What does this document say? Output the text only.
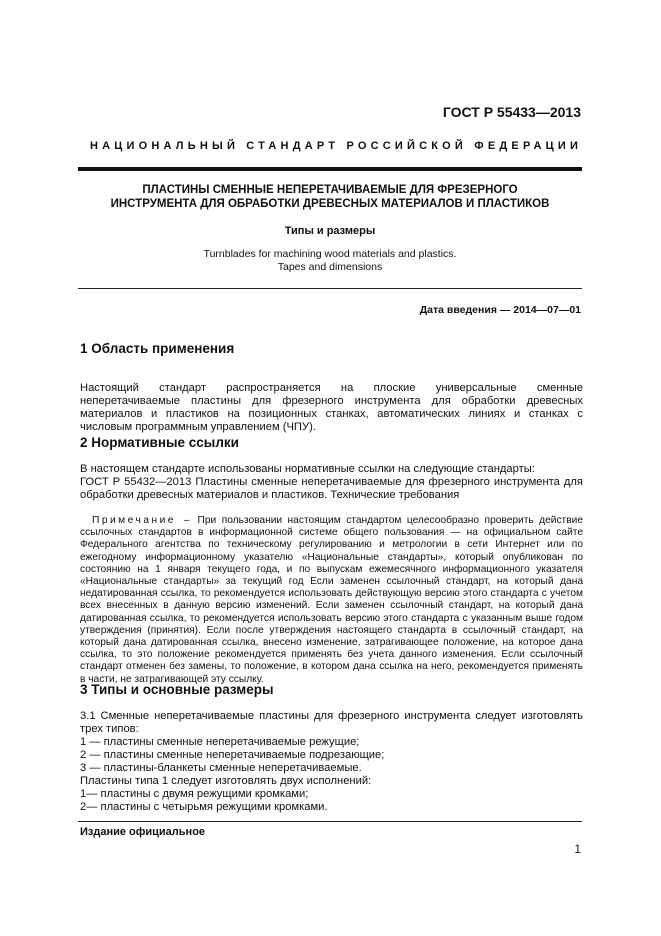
ГОСТ Р 55433—2013
НАЦИОНАЛЬНЫЙ СТАНДАРТ РОССИЙСКОЙ ФЕДЕРАЦИИ
ПЛАСТИНЫ СМЕННЫЕ НЕПЕРЕТАЧИВАЕМЫЕ ДЛЯ ФРЕЗЕРНОГО
ИНСТРУМЕНТА ДЛЯ ОБРАБОТКИ ДРЕВЕСНЫХ МАТЕРИАЛОВ И ПЛАСТИКОВ
Типы и размеры
Turnblades for machining wood materials and plastics.
Tapes and dimensions
Дата введения — 2014—07—01
1 Область применения
Настоящий стандарт распространяется на плоские универсальные сменные неперетачиваемые пластины для фрезерного инструмента для обработки древесных материалов и пластиков на позиционных станках, автоматических линиях и станках с числовым программным управлением (ЧПУ).
2 Нормативные ссылки
В настоящем стандарте использованы нормативные ссылки на следующие стандарты:
ГОСТ Р 55432—2013 Пластины сменные неперетачиваемые для фрезерного инструмента для обработки древесных материалов и пластиков. Технические требования
Примечание – При пользовании настоящим стандартом целесообразно проверить действие ссылочных стандартов в информационной системе общего пользования — на официальном сайте Федерального агентства по техническому регулированию и метрологии в сети Интернет или по ежегодному информационному указателю «Национальные стандарты», который опубликован по состоянию на 1 января текущего года, и по выпускам ежемесячного информационного указателя «Национальные стандарты» за текущий год Если заменен ссылочный стандарт, на который дана недатированная ссылка, то рекомендуется использовать действующую версию этого стандарта с учетом всех внесенных в данную версию изменений. Если заменен ссылочный стандарт, на который дана датированная ссылка, то рекомендуется использовать версию этого стандарта с указанным выше годом утверждения (принятия). Если после утверждения настоящего стандарта в ссылочный стандарт, на который дана датированная ссылка, внесено изменение, затрагивающее положение, на которое дана ссылка, то это положение рекомендуется применять без учета данного изменения. Если ссылочный стандарт отменен без замены, то положение, в котором дана ссылка на него, рекомендуется применять в части, не затрагивающей эту ссылку.
3 Типы и основные размеры
3.1 Сменные неперетачиваемые пластины для фрезерного инструмента следует изготовлять трех типов:
1 — пластины сменные неперетачиваемые режущие;
2 — пластины сменные неперетачиваемые подрезающие;
3 — пластины-бланкеты сменные неперетачиваемые.
Пластины типа 1 следует изготовлять двух исполнений:
1— пластины с двумя режущими кромками;
2— пластины с четырьмя режущими кромками.
Издание официальное
1
